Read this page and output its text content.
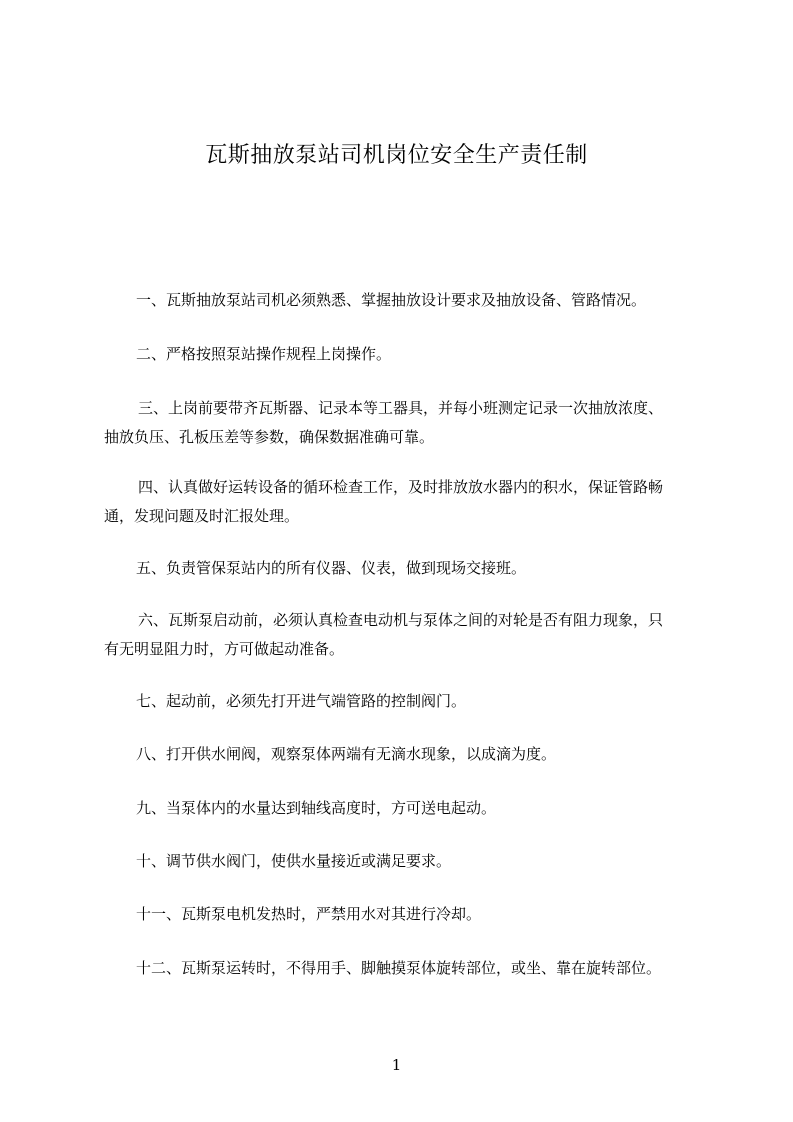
瓦斯抽放泵站司机岗位安全生产责任制
一、瓦斯抽放泵站司机必须熟悉、掌握抽放设计要求及抽放设备、管路情况。
二、严格按照泵站操作规程上岗操作。
三、上岗前要带齐瓦斯器、记录本等工器具，并每小班测定记录一次抽放浓度、
抽放负压、孔板压差等参数，确保数据准确可靠。
四、认真做好运转设备的循环检查工作，及时排放放水器内的积水，保证管路畅
通，发现问题及时汇报处理。
五、负责管保泵站内的所有仪器、仪表，做到现场交接班。
六、瓦斯泵启动前，必须认真检查电动机与泵体之间的对轮是否有阻力现象，只
有无明显阻力时，方可做起动准备。
七、起动前，必须先打开进气端管路的控制阀门。
八、打开供水闸阀，观察泵体两端有无滴水现象，以成滴为度。
九、当泵体内的水量达到轴线高度时，方可送电起动。
十、调节供水阀门，使供水量接近或满足要求。
十一、瓦斯泵电机发热时，严禁用水对其进行冷却。
十二、瓦斯泵运转时，不得用手、脚触摸泵体旋转部位，或坐、靠在旋转部位。
1
